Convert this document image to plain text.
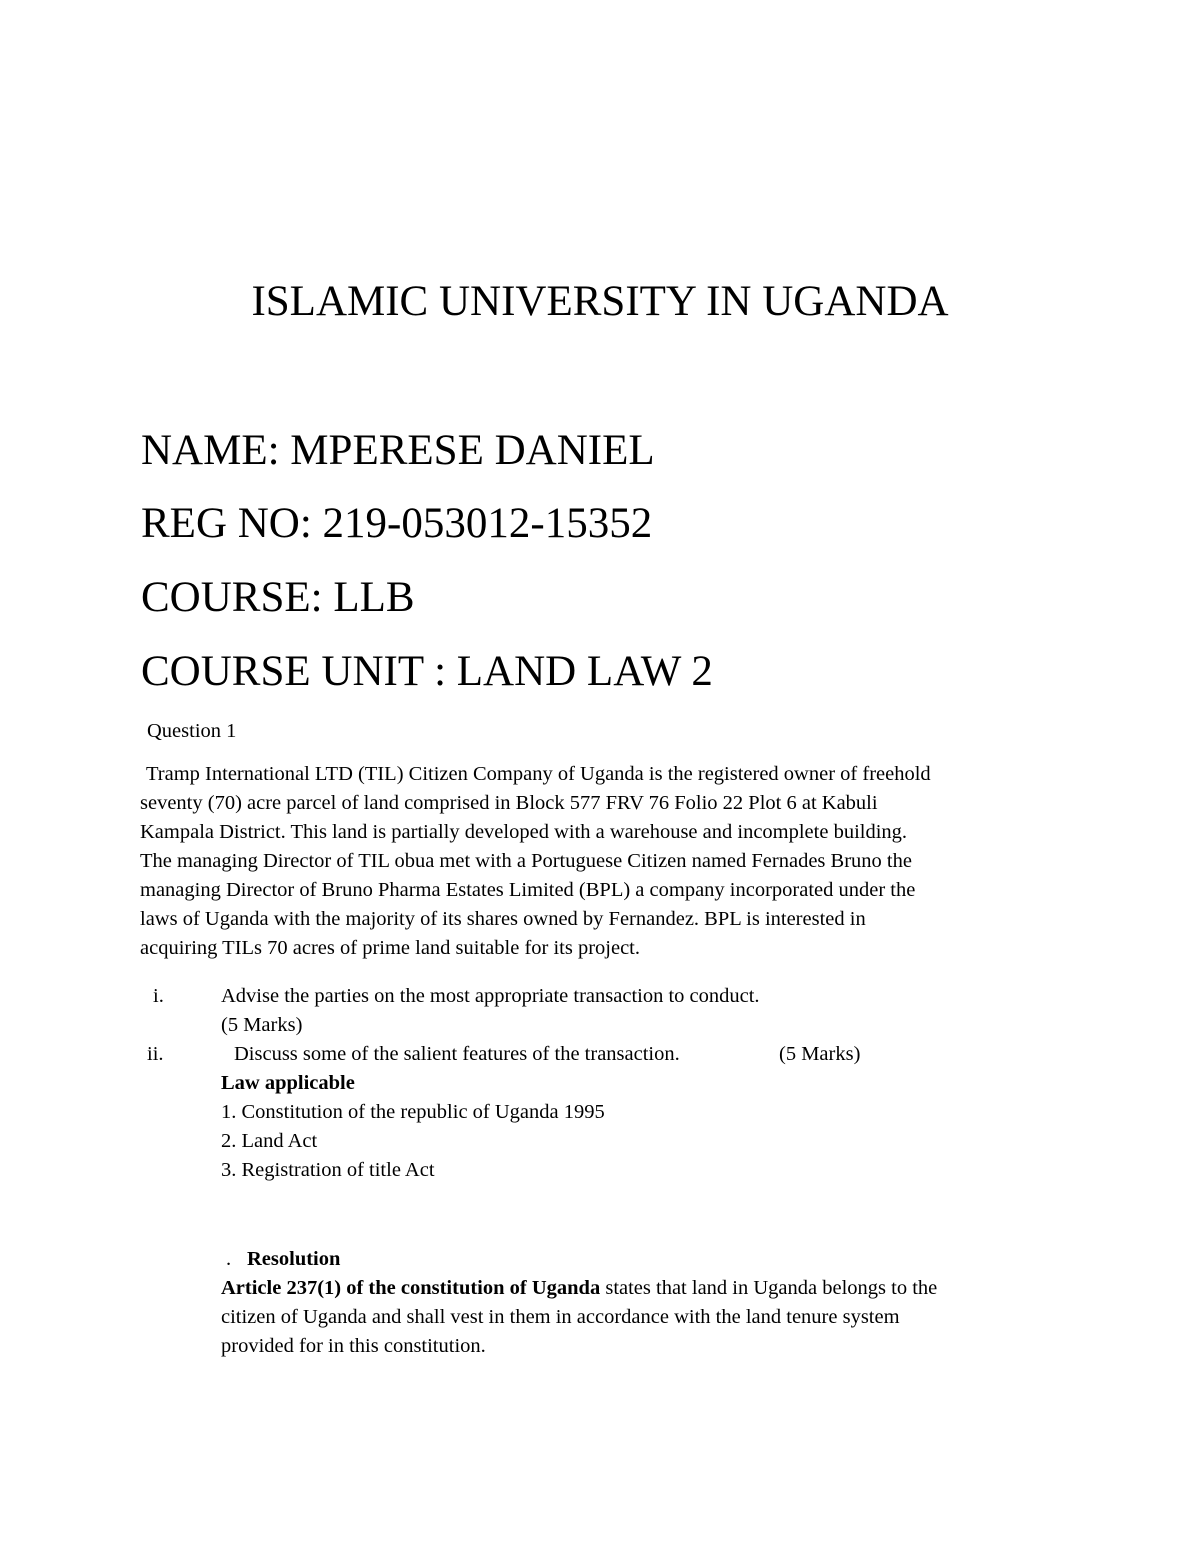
ISLAMIC UNIVERSITY IN UGANDA
NAME: MPERESE DANIEL
REG NO: 219-053012-15352
COURSE: LLB
COURSE UNIT : LAND LAW 2
Question 1
Tramp International LTD (TIL) Citizen Company of Uganda is the registered owner of freehold
seventy (70) acre parcel of land comprised in Block 577 FRV 76 Folio 22 Plot 6 at Kabuli
Kampala District. This land is partially developed with a warehouse and incomplete building.
The managing Director of TIL obua met with a Portuguese Citizen named Fernades Bruno the
managing Director of Bruno Pharma Estates Limited (BPL) a company incorporated under the
laws of Uganda with the majority of its shares owned by Fernandez. BPL is interested in
acquiring TILs 70 acres of prime land suitable for its project.
i.	Advise the parties on the most appropriate transaction to conduct.
(5 Marks)
ii.	Discuss some of the salient features of the transaction.	(5 Marks)
Law applicable
1. Constitution of the republic of Uganda 1995
2. Land Act
3. Registration of title Act
. Resolution
Article 237(1) of the constitution of Uganda states that land in Uganda belongs to the
citizen of Uganda and shall vest in them in accordance with the land tenure system
provided for in this constitution.
